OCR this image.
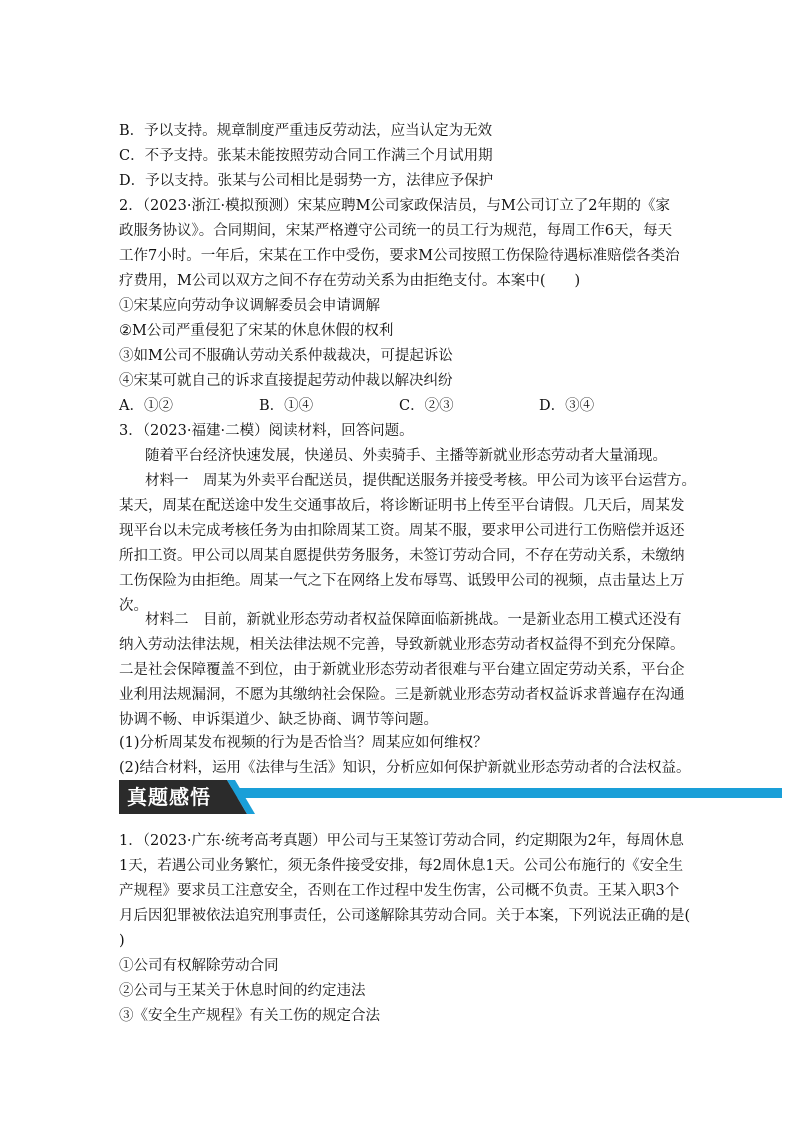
B．予以支持。规章制度严重违反劳动法，应当认定为无效
C．不予支持。张某未能按照劳动合同工作满三个月试用期
D．予以支持。张某与公司相比是弱势一方，法律应予保护
2．（2023·浙江·模拟预测）宋某应聘M公司家政保洁员，与M公司订立了2年期的《家
政服务协议》。合同期间，宋某严格遵守公司统一的员工行为规范，每周工作6天，每天
工作7小时。一年后，宋某在工作中受伤，要求M公司按照工伤保险待遇标准赔偿各类治
疗费用，M公司以双方之间不存在劳动关系为由拒绝支付。本案中(　　)
①宋某应向劳动争议调解委员会申请调解
②M公司严重侵犯了宋某的休息休假的权利
③如M公司不服确认劳动关系仲裁裁决，可提起诉讼
④宋某可就自己的诉求直接提起劳动仲裁以解决纠纷
A．①②	B．①④	C．②③	D．③④
3．（2023·福建·二模）阅读材料，回答问题。
随着平台经济快速发展，快递员、外卖骑手、主播等新就业形态劳动者大量涌现。
材料一　周某为外卖平台配送员，提供配送服务并接受考核。甲公司为该平台运营方。
某天，周某在配送途中发生交通事故后，将诊断证明书上传至平台请假。几天后，周某发
现平台以未完成考核任务为由扣除周某工资。周某不服，要求甲公司进行工伤赔偿并返还
所扣工资。甲公司以周某自愿提供劳务服务，未签订劳动合同，不存在劳动关系，未缴纳
工伤保险为由拒绝。周某一气之下在网络上发布辱骂、诋毁甲公司的视频，点击量达上万
次。
材料二　目前，新就业形态劳动者权益保障面临新挑战。一是新业态用工模式还没有
纳入劳动法律法规，相关法律法规不完善，导致新就业形态劳动者权益得不到充分保障。
二是社会保障覆盖不到位，由于新就业形态劳动者很难与平台建立固定劳动关系，平台企
业利用法规漏洞，不愿为其缴纳社会保险。三是新就业形态劳动者权益诉求普遍存在沟通
协调不畅、申诉渠道少、缺乏协商、调节等问题。
真题感悟
1．（2023·广东·统考高考真题）甲公司与王某签订劳动合同，约定期限为2年，每周休息
1天，若遇公司业务繁忙，须无条件接受安排，每2周休息1天。公司公布施行的《安全生
产规程》要求员工注意安全，否则在工作过程中发生伤害，公司概不负责。王某入职3个
月后因犯罪被依法追究刑事责任，公司遂解除其劳动合同。关于本案，下列说法正确的是(
)
①公司有权解除劳动合同
②公司与王某关于休息时间的约定违法
③《安全生产规程》有关工伤的规定合法
(1)分析周某发布视频的行为是否恰当？周某应如何维权？
(2)结合材料，运用《法律与生活》知识，分析应如何保护新就业形态劳动者的合法权益。
